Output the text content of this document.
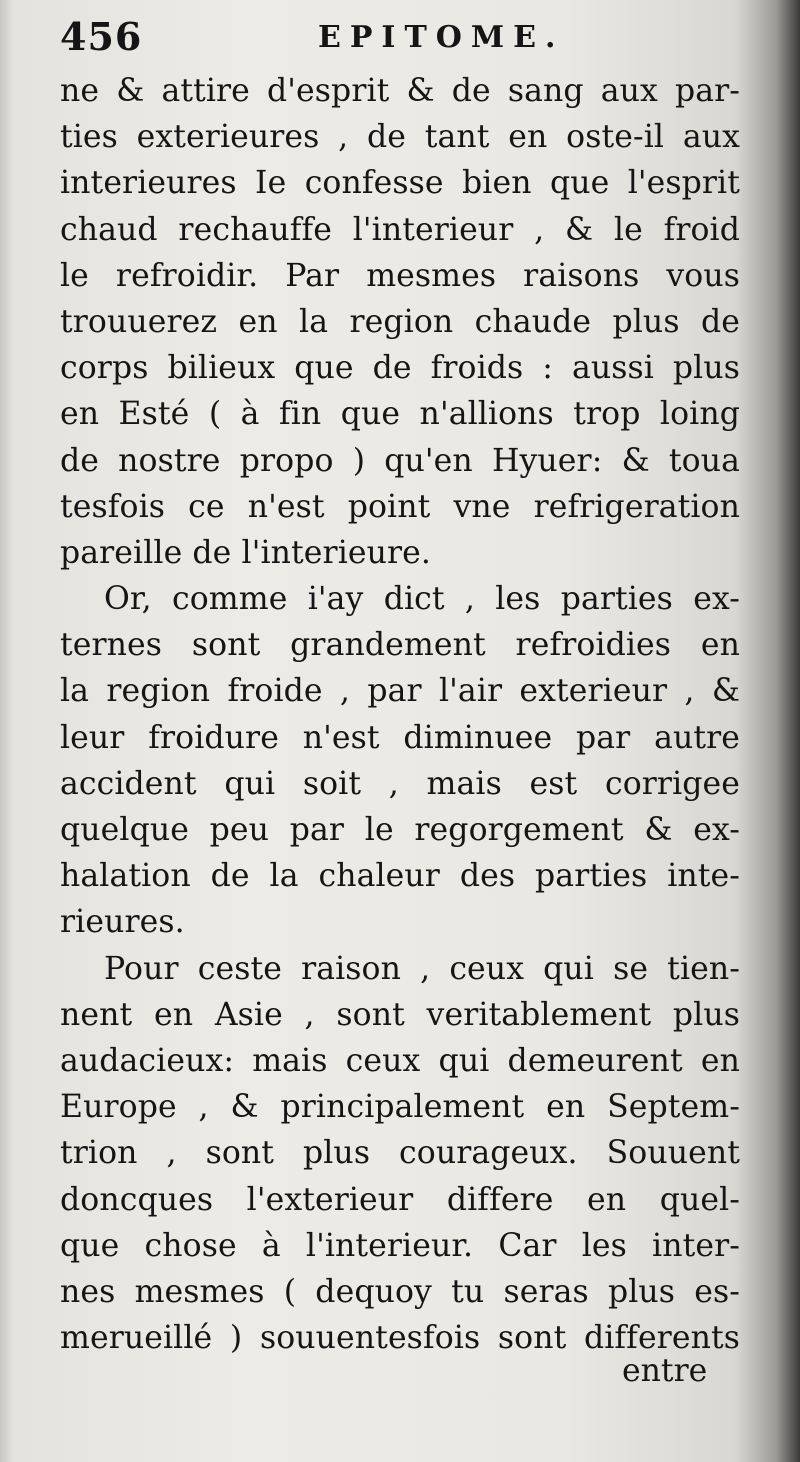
456	EPITOME.
ne & attire d'esprit & de sang aux par-
ties exterieures , de tant en oste-il aux
interieures Ie confesse bien que l'esprit
chaud rechauffe l'interieur , & le froid
le refroidir. Par mesmes raisons vous
trouuerez en la region chaude plus de
corps bilieux que de froids : aussi plus
en Esté ( à fin que n'allions trop loing
de nostre propo ) qu'en Hyuer: & toua
tesfois ce n'est point vne refrigeration
pareille de l'interieure.
Or, comme i'ay dict , les parties ex-
ternes sont grandement refroidies en
la region froide , par l'air exterieur , &
leur froidure n'est diminuee par autre
accident qui soit , mais est corrigee
quelque peu par le regorgement & ex-
halation de la chaleur des parties inte-
rieures.
Pour ceste raison , ceux qui se tien-
nent en Asie , sont veritablement plus
audacieux: mais ceux qui demeurent en
Europe , & principalement en Septem-
trion , sont plus courageux. Souuent
doncques l'exterieur differe en quel-
que chose à l'interieur. Car les inter-
nes mesmes ( dequoy tu seras plus es-
merueillé ) souuentesfois sont differents
entre
